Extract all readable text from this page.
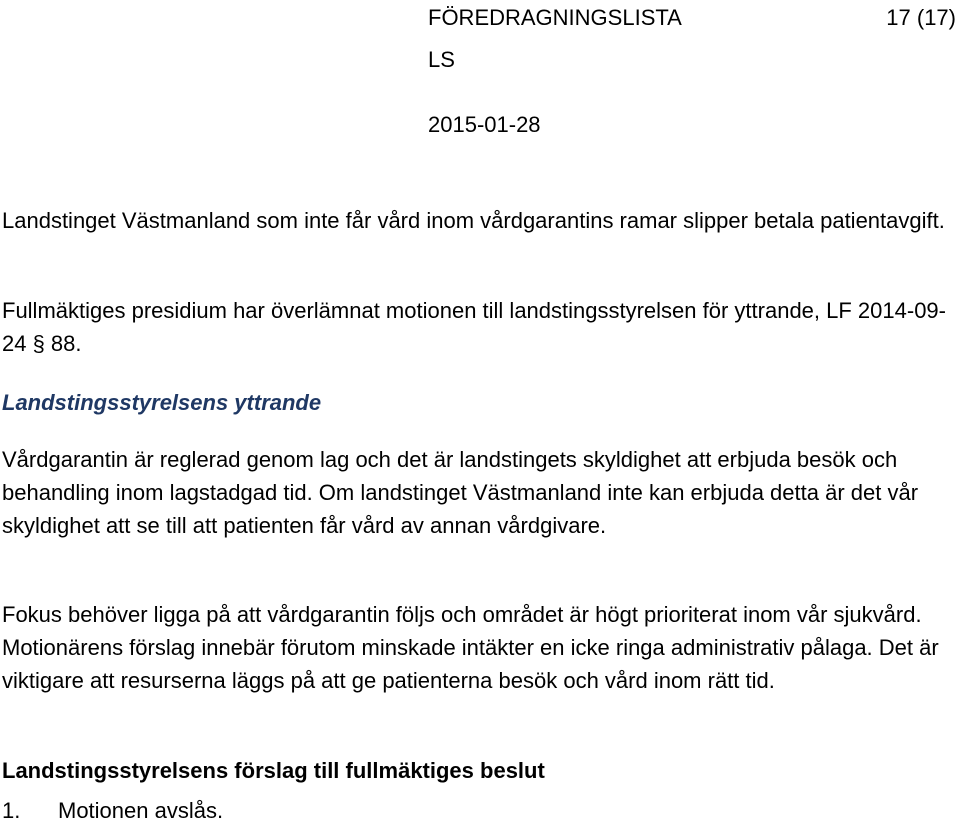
FÖREDRAGNINGSLISTA	17 (17)
LS
2015-01-28

Landstinget Västmanland som inte får vård inom vårdgarantins ramar slipper betala patientavgift.

Fullmäktiges presidium har överlämnat motionen till landstingsstyrelsen för yttrande, LF 2014-09-24 § 88.

Landstingsstyrelsens yttrande

Vårdgarantin är reglerad genom lag och det är landstingets skyldighet att erbjuda besök och behandling inom lagstadgad tid. Om landstinget Västmanland inte kan erbjuda detta är det vår skyldighet att se till att patienten får vård av annan vårdgivare.

Fokus behöver ligga på att vårdgarantin följs och området är högt prioriterat inom vår sjukvård. Motionärens förslag innebär förutom minskade intäkter en icke ringa administrativ pålaga. Det är viktigare att resurserna läggs på att ge patienterna besök och vård inom rätt tid.

Landstingsstyrelsens förslag till fullmäktiges beslut
1.	Motionen avslås.
